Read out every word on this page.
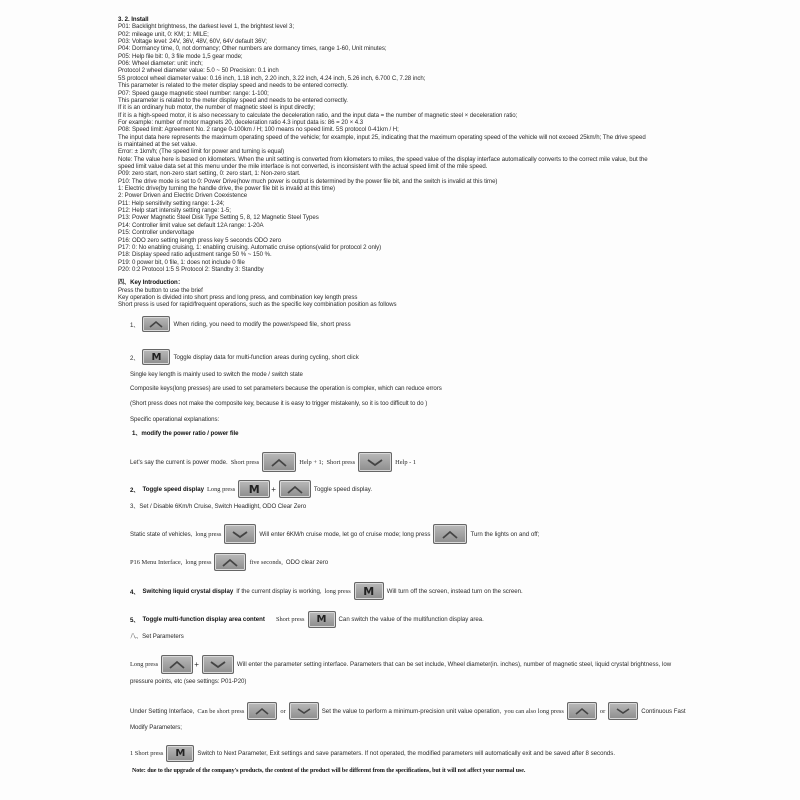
3. 2. Install
P01: Backlight brightness, the darkest level 1, the brightest level 3;
P02: mileage unit, 0: KM; 1: MILE;
P03: Voltage level: 24V, 36V, 48V, 60V, 64V default 36V;
P04: Dormancy time, 0, not dormancy; Other numbers are dormancy times, range 1-60, Unit minutes;
P05: Help file bit: 0, 3 file mode 1,5 gear mode;
P06: Wheel diameter: unit: inch;
Protocol 2 wheel diameter value: 5.0 ~ 50 Precision: 0.1 inch
5S protocol wheel diameter value: 0.16 inch, 1.18 inch, 2.20 inch, 3.22 inch, 4.24 inch, 5.26 inch, 6.700 C, 7.28 inch;
This parameter is related to the meter display speed and needs to be entered correctly.
P07: Speed gauge magnetic steel number: range: 1-100;
This parameter is related to the meter display speed and needs to be entered correctly.
If it is an ordinary hub motor, the number of magnetic steel is input directly;
If it is a high-speed motor, it is also necessary to calculate the deceleration ratio, and the input data = the number of magnetic steel × deceleration ratio;
For example: number of motor magnets 20, deceleration ratio 4.3 input data is: 86 = 20 × 4.3
P08: Speed limit: Agreement No. 2 range 0-100km / H; 100 means no speed limit. 5S protocol 0-41km / H;
The input data here represents the maximum operating speed of the vehicle; for example, input 25, indicating that the maximum operating speed of the vehicle will not exceed 25km/h; The drive speed
is maintained at the set value.
Error: ± 1km/h; (The speed limit for power and turning is equal)
Note: The value here is based on kilometers. When the unit setting is converted from kilometers to miles, the speed value of the display interface automatically converts to the correct mile value, but the
speed limit value data set at this menu under the mile interface is not converted, is inconsistent with the actual speed limit of the mile speed.
P09: zero start, non-zero start setting, 0: zero start, 1: Non-zero start.
P10: The drive mode is set to 0: Power Drive(how much power is output is determined by the power file bit, and the switch is invalid at this time)
1: Electric drive(by turning the handle drive, the power file bit is invalid at this time)
2: Power Driven and Electric Driven Coexistence
P11: Help sensitivity setting range: 1-24;
P12: Help start intensity setting range: 1-5;
P13: Power Magnetic Steel Disk Type Setting 5, 8, 12 Magnetic Steel Types
P14: Controller limit value set default 12A range: 1-20A
P15: Controller undervoltage
P16: ODO zero setting length press key 5 seconds ODO zero
P17: 0: No enabling cruising, 1: enabling cruising. Automatic cruise options(valid for protocol 2 only)
P18: Display speed ratio adjustment range 50 % ~ 150 %.
P19: 0 power bit, 0 file, 1: does not include 0 file
P20: 0:2 Protocol 1:5 S Protocol 2: Standby 3: Standby
四、Key Introduction：
Press the button to use the brief
Key operation is divided into short press and long press, and combination key length press
Short press is used for rapid/frequent operations, such as the specific key combination position as follows
1、	When riding, you need to modify the power/speed file, short press
2、	M	Toggle display data for multi-function areas during cycling, short click
Single key length is mainly used to switch the mode / switch state
Composite keys(long presses) are used to set parameters because the operation is complex, which can reduce errors
(Short press does not make the composite key, because it is easy to trigger mistakenly, so it is too difficult to do )
Specific operational explanations:
1、modify the power ratio / power file
Let's say the current is power mode. Short press	Help + 1; Short press	Help - 1
2、 Toggle speed display Long press	M	+	Toggle speed display.
3、Set / Disable 6Km/h Cruise, Switch Headlight, ODO Clear Zero
Static state of vehicles, long press	Will enter 6KM/h cruise mode, let go of cruise mode; long press	Turn the lights on and off;
P16 Menu Interface, long press	five seconds, ODO clear zero
4、 Switching liquid crystal display If the current display is working, long press	M	Will turn off the screen, instead turn on the screen.
5、 Toggle multi-function display area content Short press	M	Can switch the value of the multifunction display area.
八、Set Parameters
Long press	+	Will enter the parameter setting interface. Parameters that can be set include, Wheel diameter(in. inches), number of magnetic steel, liquid crystal brightness, low
pressure points, etc (see settings: P01-P20)
Under Setting Interface, Can be short press	or	Set the value to perform a minimum-precision unit value operation, you can also long press	or	Continuous Fast
Modify Parameters;
1 Short press	M	Switch to Next Parameter, Exit settings and save parameters. If not operated, the modified parameters will automatically exit and be saved after 8 seconds.
Note: due to the upgrade of the company's products, the content of the product will be different from the specifications, but it will not affect your normal use.
